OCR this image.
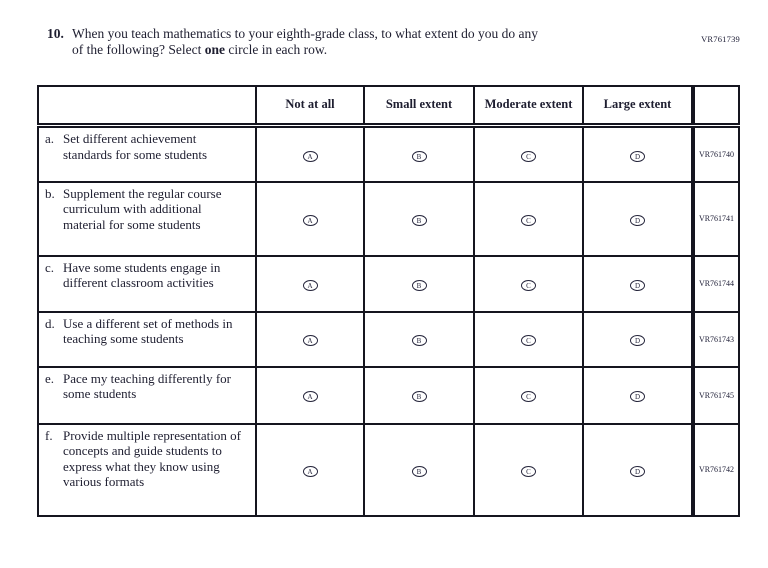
VR761739
10. When you teach mathematics to your eighth-grade class, to what extent do you do any
of the following? Select one circle in each row.
	Not at all	Small extent	Moderate extent	Large extent	

a. Set different achievement standards for some students	A	B	C	D	VR761740

b. Supplement the regular course curriculum with additional material for some students	A	B	C	D	VR761741

c. Have some students engage in different classroom activities	A	B	C	D	VR761744

d. Use a different set of methods in teaching some students	A	B	C	D	VR761743

e. Pace my teaching differently for some students	A	B	C	D	VR761745

f. Provide multiple representation of concepts and guide students to express what they know using various formats	A	B	C	D	VR761742
